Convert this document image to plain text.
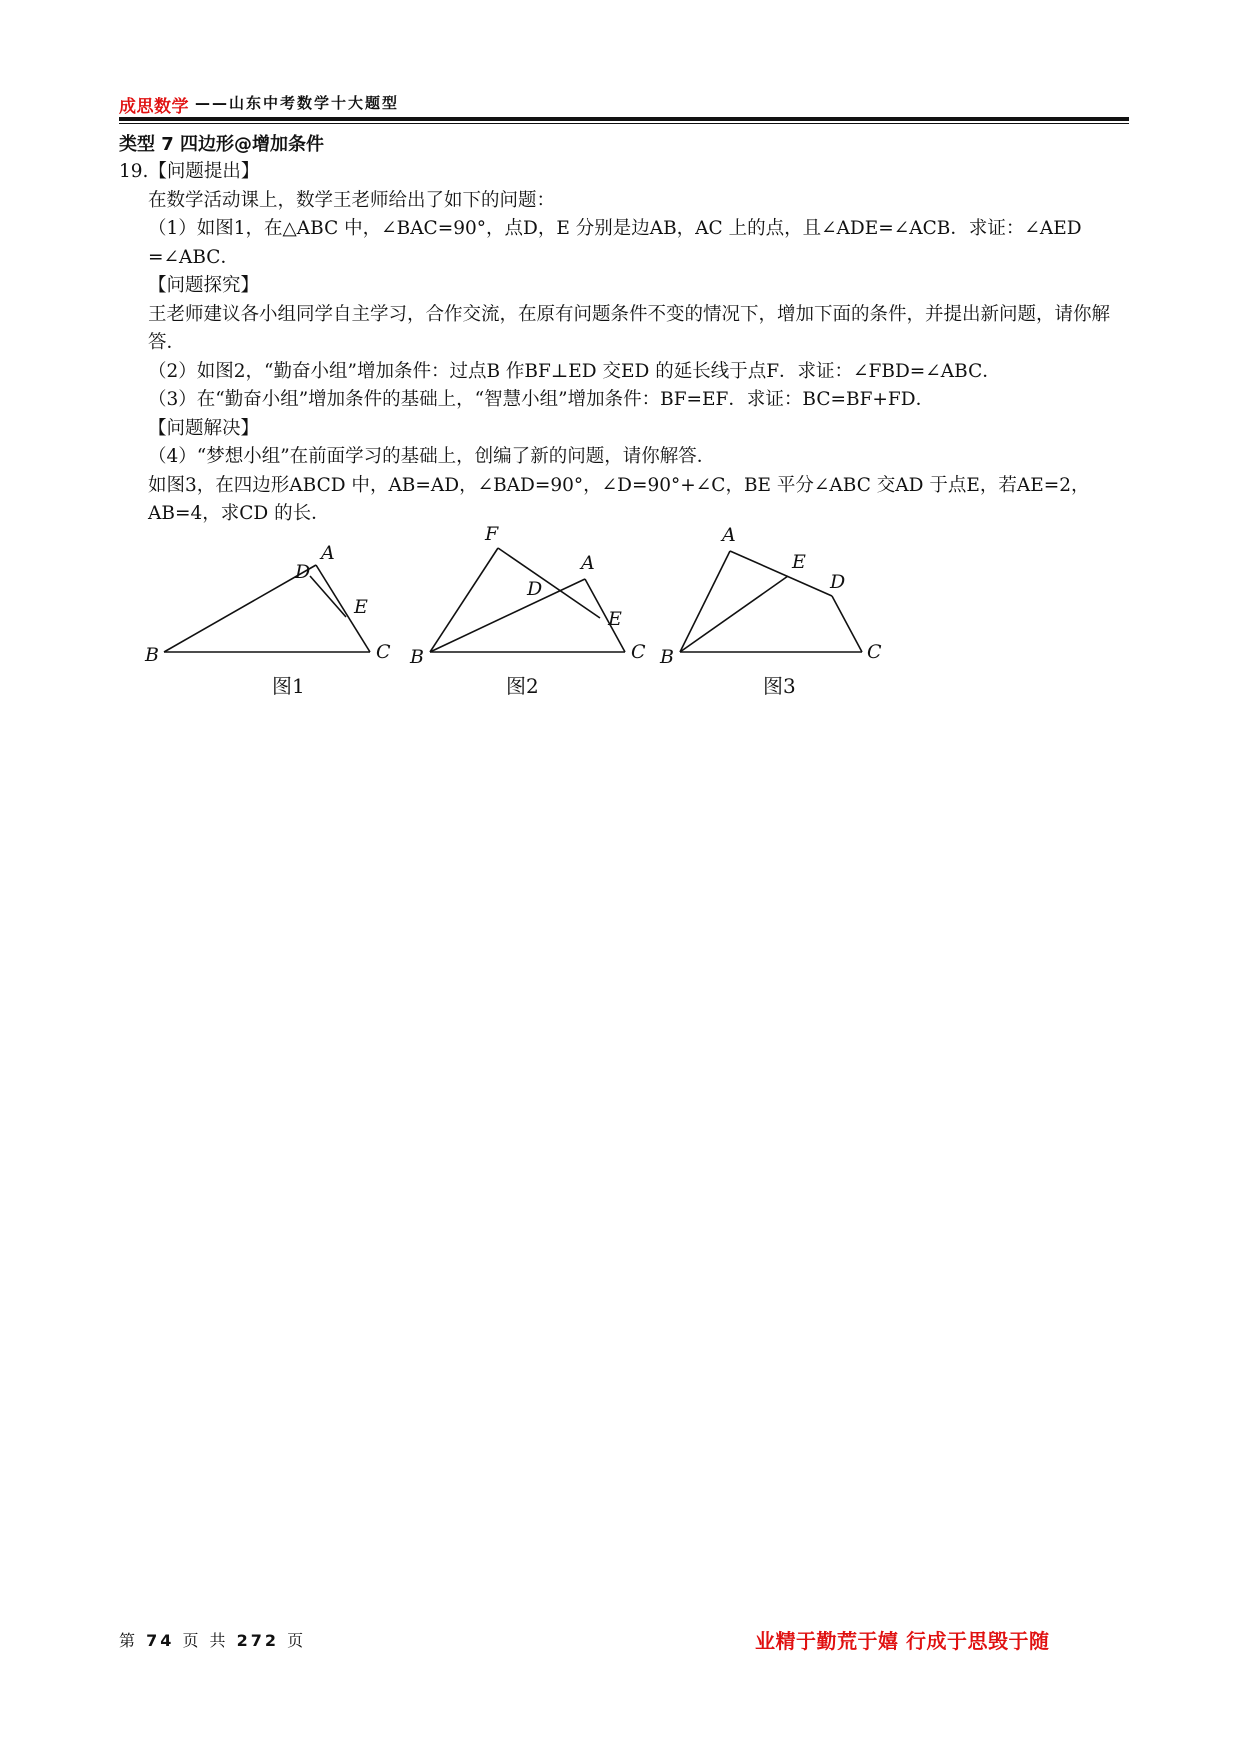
成思数学 ——山东中考数学十大题型
类型 7 四边形@增加条件
19.【问题提出】
在数学活动课上，数学王老师给出了如下的问题：
（1）如图1，在△ABC 中，∠BAC=90°，点D，E 分别是边AB，AC 上的点，且∠ADE=∠ACB．求证：∠AED =∠ABC．
【问题探究】
王老师建议各小组同学自主学习，合作交流，在原有问题条件不变的情况下，增加下面的条件，并提出新问题，请你解答．
（2）如图2，“勤奋小组”增加条件：过点B 作BF⊥ED 交ED 的延长线于点F．求证：∠FBD=∠ABC．
（3）在“勤奋小组”增加条件的基础上，“智慧小组”增加条件：BF=EF．求证：BC=BF+FD．
【问题解决】
（4）“梦想小组”在前面学习的基础上，创编了新的问题，请你解答．
如图3，在四边形ABCD 中，AB=AD，∠BAD=90°，∠D=90°+∠C，BE 平分∠ABC 交AD 于点E，若AE=2，AB=4，求CD 的长．
B
A
D
E
C
图1
B
F
D
A
E
C
图2
B
A
E
D
C
图3
第 74 页 共 272 页	业精于勤荒于嬉 行成于思毁于随
